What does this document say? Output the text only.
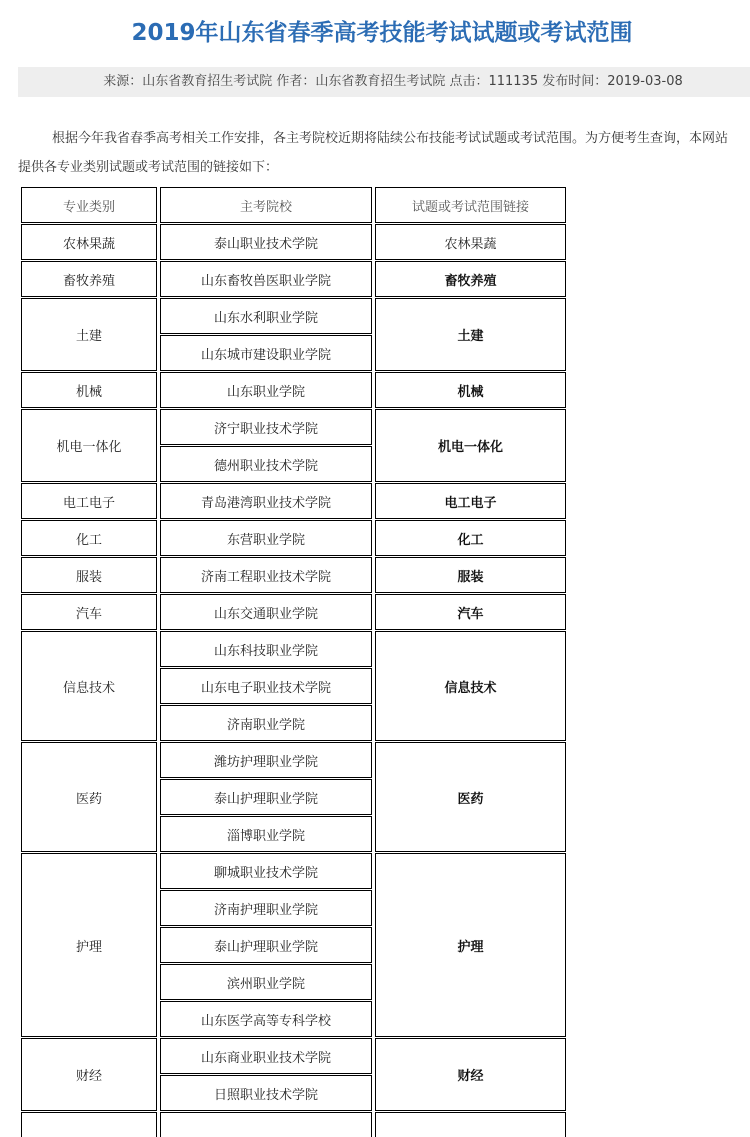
2019年山东省春季高考技能考试试题或考试范围
来源：山东省教育招生考试院 作者：山东省教育招生考试院 点击：111135 发布时间：2019-03-08

根据今年我省春季高考相关工作安排，各主考院校近期将陆续公布技能考试试题或考试范围。为方便考生查询，本网站提供各专业类别试题或考试范围的链接如下：

专业类别	主考院校	试题或考试范围链接
农林果蔬	泰山职业技术学院	农林果蔬
畜牧养殖	山东畜牧兽医职业学院	畜牧养殖
土建	山东水利职业学院	土建
	山东城市建设职业学院	
机械	山东职业学院	机械
机电一体化	济宁职业技术学院	机电一体化
	德州职业技术学院	
电工电子	青岛港湾职业技术学院	电工电子
化工	东营职业学院	化工
服装	济南工程职业技术学院	服装
汽车	山东交通职业学院	汽车
信息技术	山东科技职业学院	信息技术
	山东电子职业技术学院	
	济南职业学院	
医药	潍坊护理职业学院	医药
	泰山护理职业学院	
	淄博职业学院	
护理	聊城职业技术学院	护理
	济南护理职业学院	
	泰山护理职业学院	
	滨州职业学院	
	山东医学高等专科学校	
财经	山东商业职业技术学院	财经
	日照职业技术学院	
